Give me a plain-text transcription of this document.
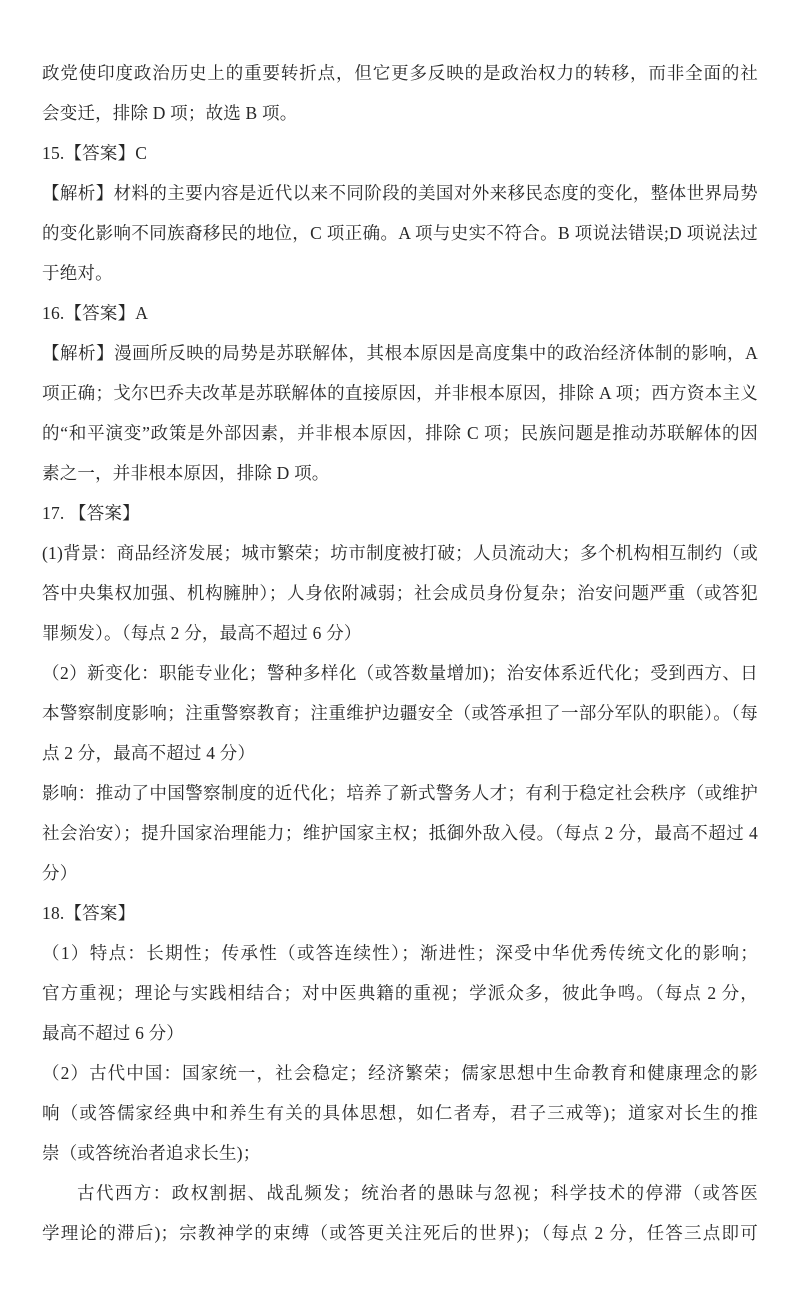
政党使印度政治历史上的重要转折点，但它更多反映的是政治权力的转移，而非全面的社
会变迁，排除 D 项；故选 B 项。
15.【答案】C
【解析】材料的主要内容是近代以来不同阶段的美国对外来移民态度的变化，整体世界局势
的变化影响不同族裔移民的地位，C 项正确。A 项与史实不符合。B 项说法错误;D 项说法过
于绝对。
16.【答案】A
【解析】漫画所反映的局势是苏联解体，其根本原因是高度集中的政治经济体制的影响，A
项正确；戈尔巴乔夫改革是苏联解体的直接原因，并非根本原因，排除 A 项；西方资本主义
的“和平演变”政策是外部因素，并非根本原因，排除 C 项；民族问题是推动苏联解体的因
素之一，并非根本原因，排除 D 项。
17. 【答案】
(1)背景：商品经济发展；城市繁荣；坊市制度被打破；人员流动大；多个机构相互制约（或
答中央集权加强、机构臃肿）；人身依附减弱；社会成员身份复杂；治安问题严重（或答犯
罪频发）。（每点 2 分，最高不超过 6 分）
（2）新变化：职能专业化；警种多样化（或答数量增加)；治安体系近代化；受到西方、日
本警察制度影响；注重警察教育；注重维护边疆安全（或答承担了一部分军队的职能）。（每
点 2 分，最高不超过 4 分）
影响：推动了中国警察制度的近代化；培养了新式警务人才；有利于稳定社会秩序（或维护
社会治安）；提升国家治理能力；维护国家主权；抵御外敌入侵。（每点 2 分，最高不超过 4
分）
18.【答案】
（1）特点：长期性；传承性（或答连续性）；渐进性；深受中华优秀传统文化的影响；
官方重视；理论与实践相结合；对中医典籍的重视；学派众多，彼此争鸣。（每点 2 分，
最高不超过 6 分）
（2）古代中国：国家统一，社会稳定；经济繁荣；儒家思想中生命教育和健康理念的影
响（或答儒家经典中和养生有关的具体思想，如仁者寿，君子三戒等)；道家对长生的推
崇（或答统治者追求长生)；
古代西方：政权割据、战乱频发；统治者的愚昧与忽视；科学技术的停滞（或答医
学理论的滞后)；宗教神学的束缚（或答更关注死后的世界)；（每点 2 分，任答三点即可
